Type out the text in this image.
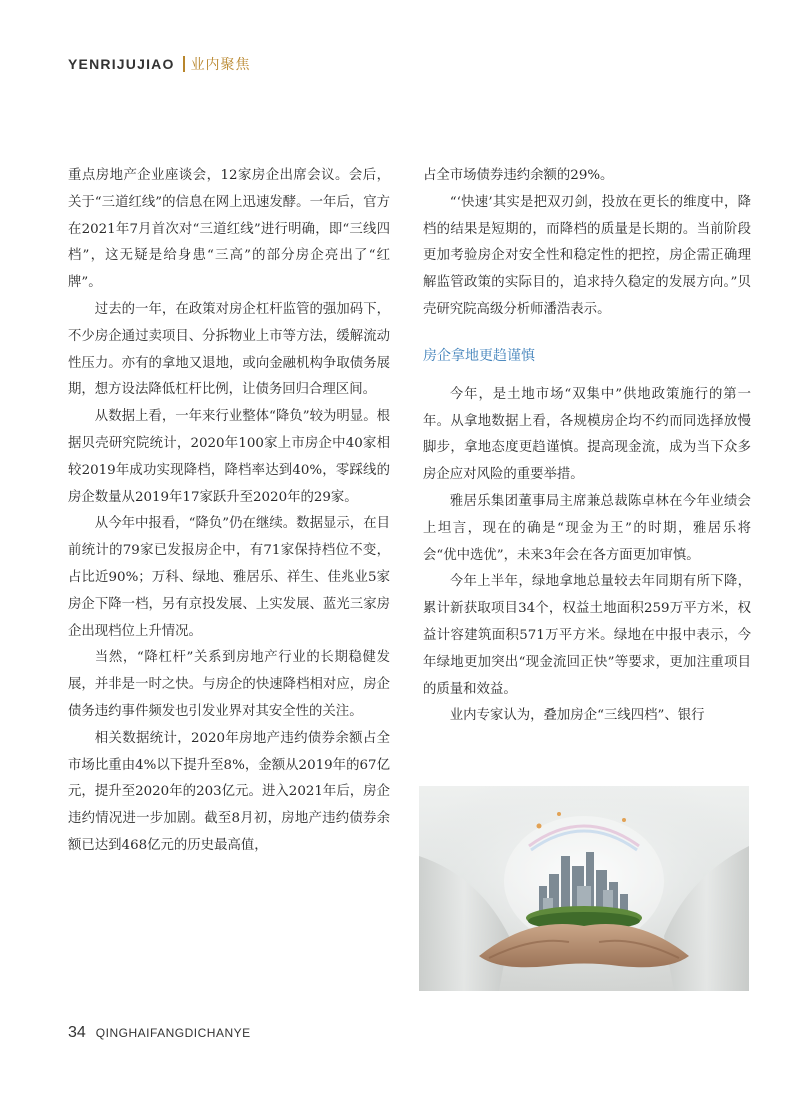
YENRIJUJIAO 业内聚焦

重点房地产企业座谈会，12家房企出席会议。会后，关于“三道红线”的信息在网上迅速发酵。一年后，官方在2021年7月首次对“三道红线”进行明确，即“三线四档”，这无疑是给身患“三高”的部分房企亮出了“红牌”。

过去的一年，在政策对房企杠杆监管的强加码下，不少房企通过卖项目、分拆物业上市等方法，缓解流动性压力。亦有的拿地又退地，或向金融机构争取债务展期，想方设法降低杠杆比例，让债务回归合理区间。

从数据上看，一年来行业整体“降负”较为明显。根据贝壳研究院统计，2020年100家上市房企中40家相较2019年成功实现降档，降档率达到40%，零踩线的房企数量从2019年17家跃升至2020年的29家。

从今年中报看，“降负”仍在继续。数据显示，在目前统计的79家已发报房企中，有71家保持档位不变，占比近90%；万科、绿地、雅居乐、祥生、佳兆业5家房企下降一档，另有京投发展、上实发展、蓝光三家房企出现档位上升情况。

当然，“降杠杆”关系到房地产行业的长期稳健发展，并非是一时之快。与房企的快速降档相对应，房企债务违约事件频发也引发业界对其安全性的关注。

相关数据统计，2020年房地产违约债券余额占全市场比重由4%以下提升至8%，金额从2019年的67亿元，提升至2020年的203亿元。进入2021年后，房企违约情况进一步加剧。截至8月初，房地产违约债券余额已达到468亿元的历史最高值，

占全市场债券违约余额的29%。

“‘快速’其实是把双刃剑，投放在更长的维度中，降档的结果是短期的，而降档的质量是长期的。当前阶段更加考验房企对安全性和稳定性的把控，房企需正确理解监管政策的实际目的，追求持久稳定的发展方向。”贝壳研究院高级分析师潘浩表示。

房企拿地更趋谨慎

今年，是土地市场“双集中”供地政策施行的第一年。从拿地数据上看，各规模房企均不约而同选择放慢脚步，拿地态度更趋谨慎。提高现金流，成为当下众多房企应对风险的重要举措。

雅居乐集团董事局主席兼总裁陈卓林在今年业绩会上坦言，现在的确是“现金为王”的时期，雅居乐将会“优中选优”，未来3年会在各方面更加审慎。

今年上半年，绿地拿地总量较去年同期有所下降，累计新获取项目34个，权益土地面积259万平方米，权益计容建筑面积571万平方米。绿地在中报中表示，今年绿地更加突出“现金流回正快”等要求，更加注重项目的质量和效益。

业内专家认为，叠加房企“三线四档”、银行

34 QINGHAIFANGDICHANYE
